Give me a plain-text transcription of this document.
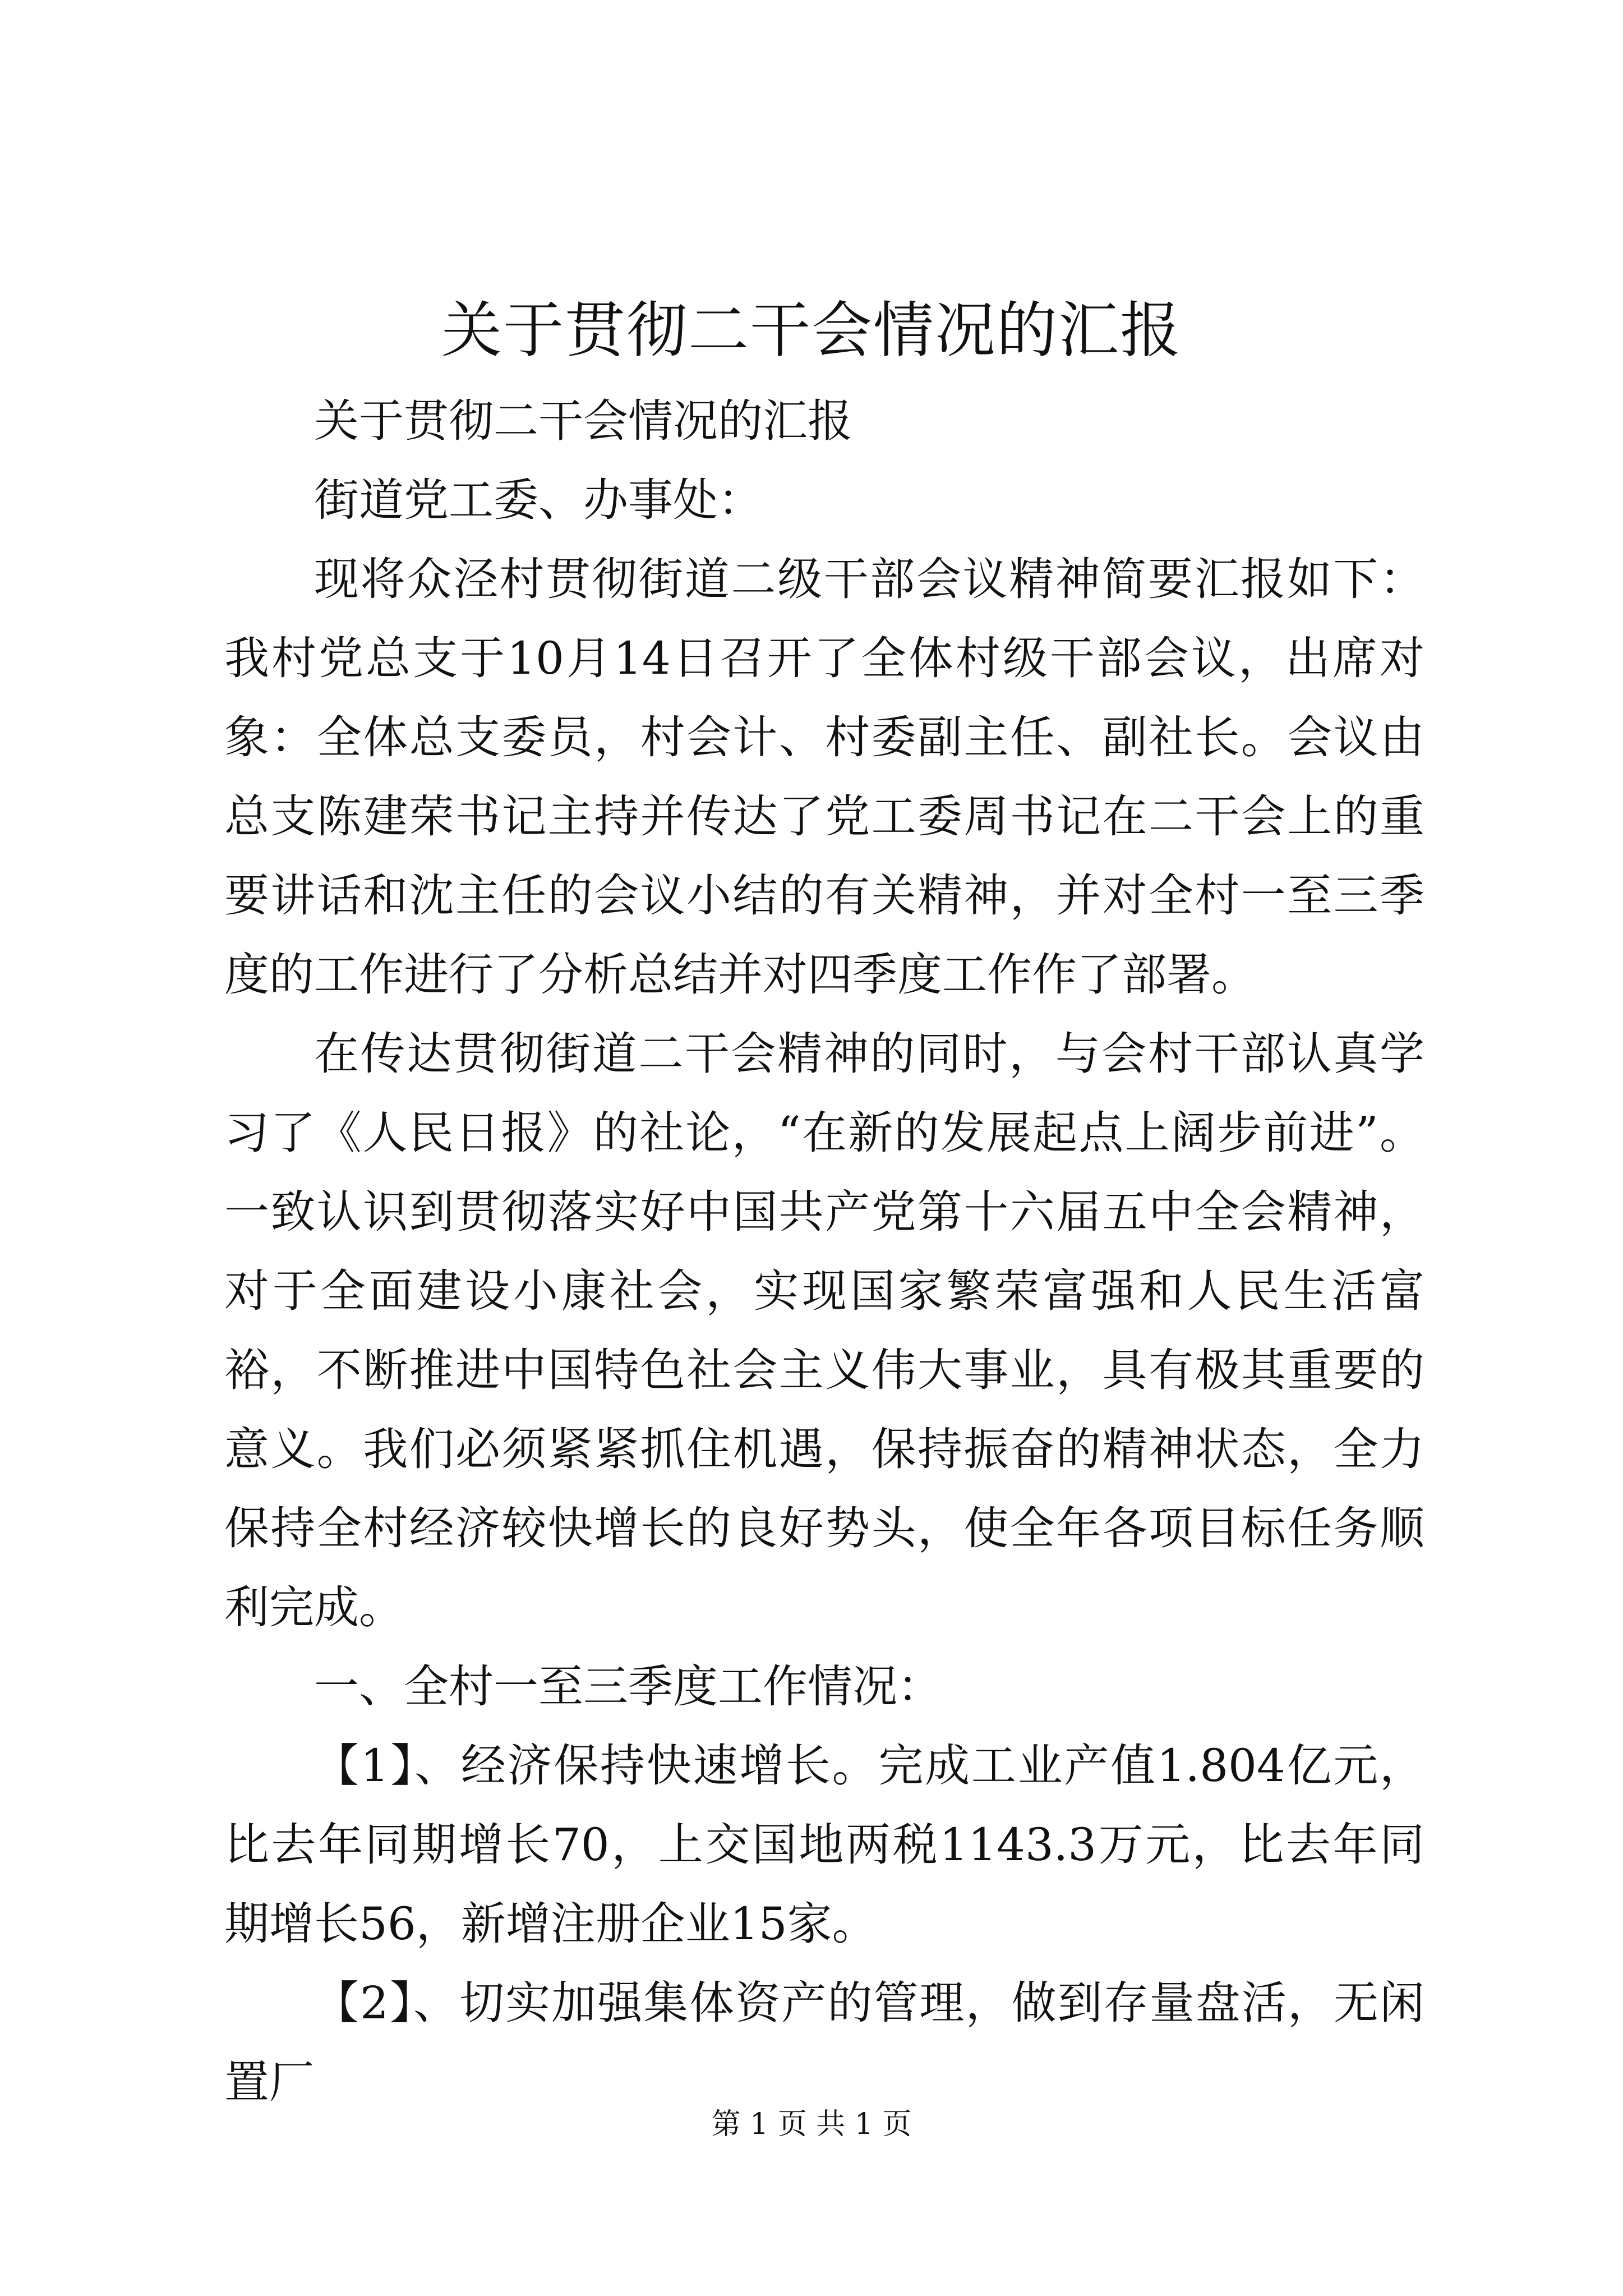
关于贯彻二干会情况的汇报

关于贯彻二干会情况的汇报

街道党工委、办事处：

现将众泾村贯彻街道二级干部会议精神简要汇报如下：我村党总支于10月14日召开了全体村级干部会议，出席对象：全体总支委员，村会计、村委副主任、副社长。会议由总支陈建荣书记主持并传达了党工委周书记在二干会上的重要讲话和沈主任的会议小结的有关精神，并对全村一至三季度的工作进行了分析总结并对四季度工作作了部署。

在传达贯彻街道二干会精神的同时，与会村干部认真学习了《人民日报》的社论，“在新的发展起点上阔步前进”。一致认识到贯彻落实好中国共产党第十六届五中全会精神，对于全面建设小康社会，实现国家繁荣富强和人民生活富裕，不断推进中国特色社会主义伟大事业，具有极其重要的意义。我们必须紧紧抓住机遇，保持振奋的精神状态，全力保持全村经济较快增长的良好势头，使全年各项目标任务顺利完成。

一、全村一至三季度工作情况：

【1】、经济保持快速增长。完成工业产值1.804亿元，比去年同期增长70，上交国地两税1143.3万元，比去年同期增长56，新增注册企业15家。

【2】、切实加强集体资产的管理，做到存量盘活，无闲置厂

第 1 页 共 1 页
